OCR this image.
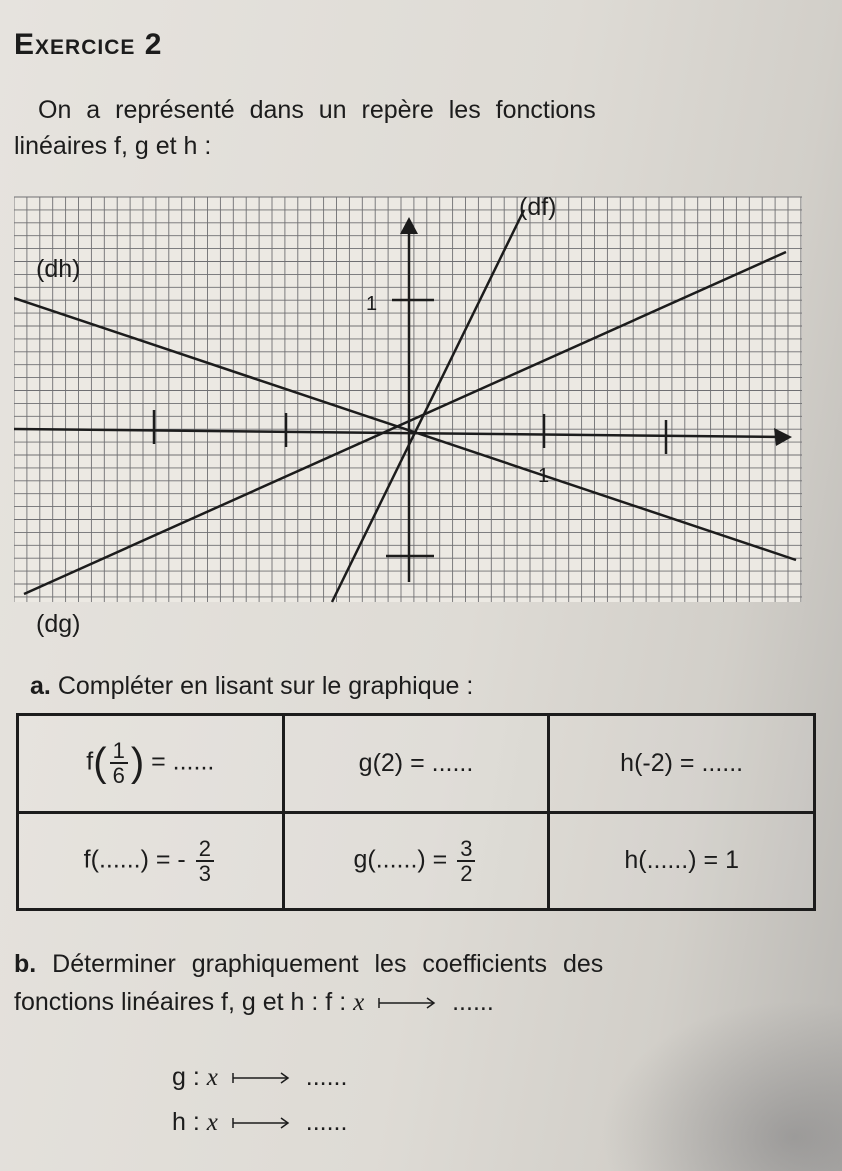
Exercice 2

On a représenté dans un repère les fonctions
linéaires f, g et h :

(df)
(dh)
(dg)
1
1

a. Compléter en lisant sur le graphique :

$f( \frac{1}{6}$ ) = ......	g(2) = ......	h(-2) = ......
f(......) = - $\frac{2}{3}$	$g(......) = \frac{3}{2}$	h(......) = 1

b. Déterminer graphiquement les coefficients des
fonctions linéaires f, g et h : f : x	......

g : x	......
h : x	......
